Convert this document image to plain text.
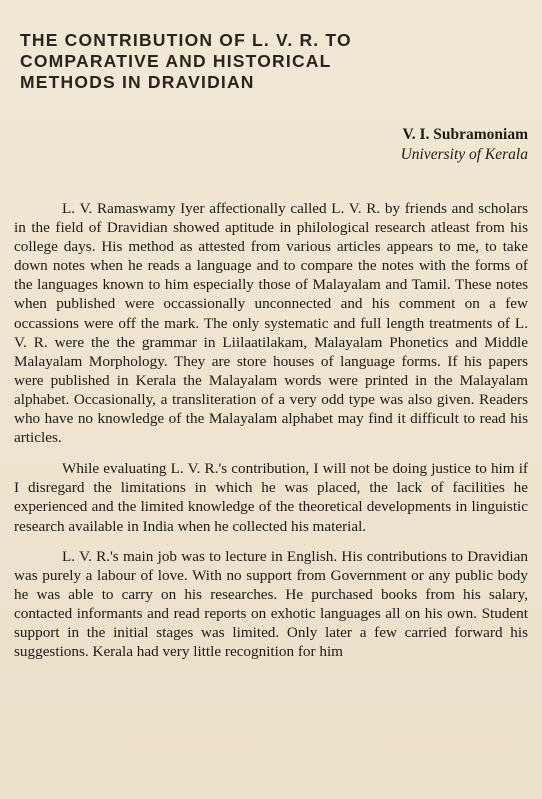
THE CONTRIBUTION OF L. V. R. TO
COMPARATIVE AND HISTORICAL
METHODS IN DRAVIDIAN
V. I. Subramoniam
University of Kerala

L. V. Ramaswamy Iyer affectionally called L. V. R. by friends and scholars in the field of Dravidian showed aptitude in philological research atleast from his college days. His method as attested from various articles appears to me, to take down notes when he reads a language and to compare the notes with the forms of the languages known to him especially those of Malayalam and Tamil. These notes when published were occassionally unconnected and his comment on a few occassions were off the mark. The only systematic and full length treatments of L. V. R. were the the grammar in Liilaatilakam, Malayalam Phonetics and Middle Malayalam Morphology. They are store houses of language forms. If his papers were published in Kerala the Malayalam words were printed in the Malayalam alphabet. Occasionally, a transliteration of a very odd type was also given. Readers who have no knowledge of the Malayalam alphabet may find it difficult to read his articles.

While evaluating L. V. R.'s contribution, I will not be doing justice to him if I disregard the limitations in which he was placed, the lack of facilities he experienced and the limited knowledge of the theoretical developments in linguistic research available in India when he collected his material.

L. V. R.'s main job was to lecture in English. His contributions to Dravidian was purely a labour of love. With no support from Government or any public body he was able to carry on his researches. He purchased books from his salary, contacted informants and read reports on exhotic languages all on his own. Student support in the initial stages was limited. Only later a few carried forward his suggestions. Kerala had very little recognition for him
